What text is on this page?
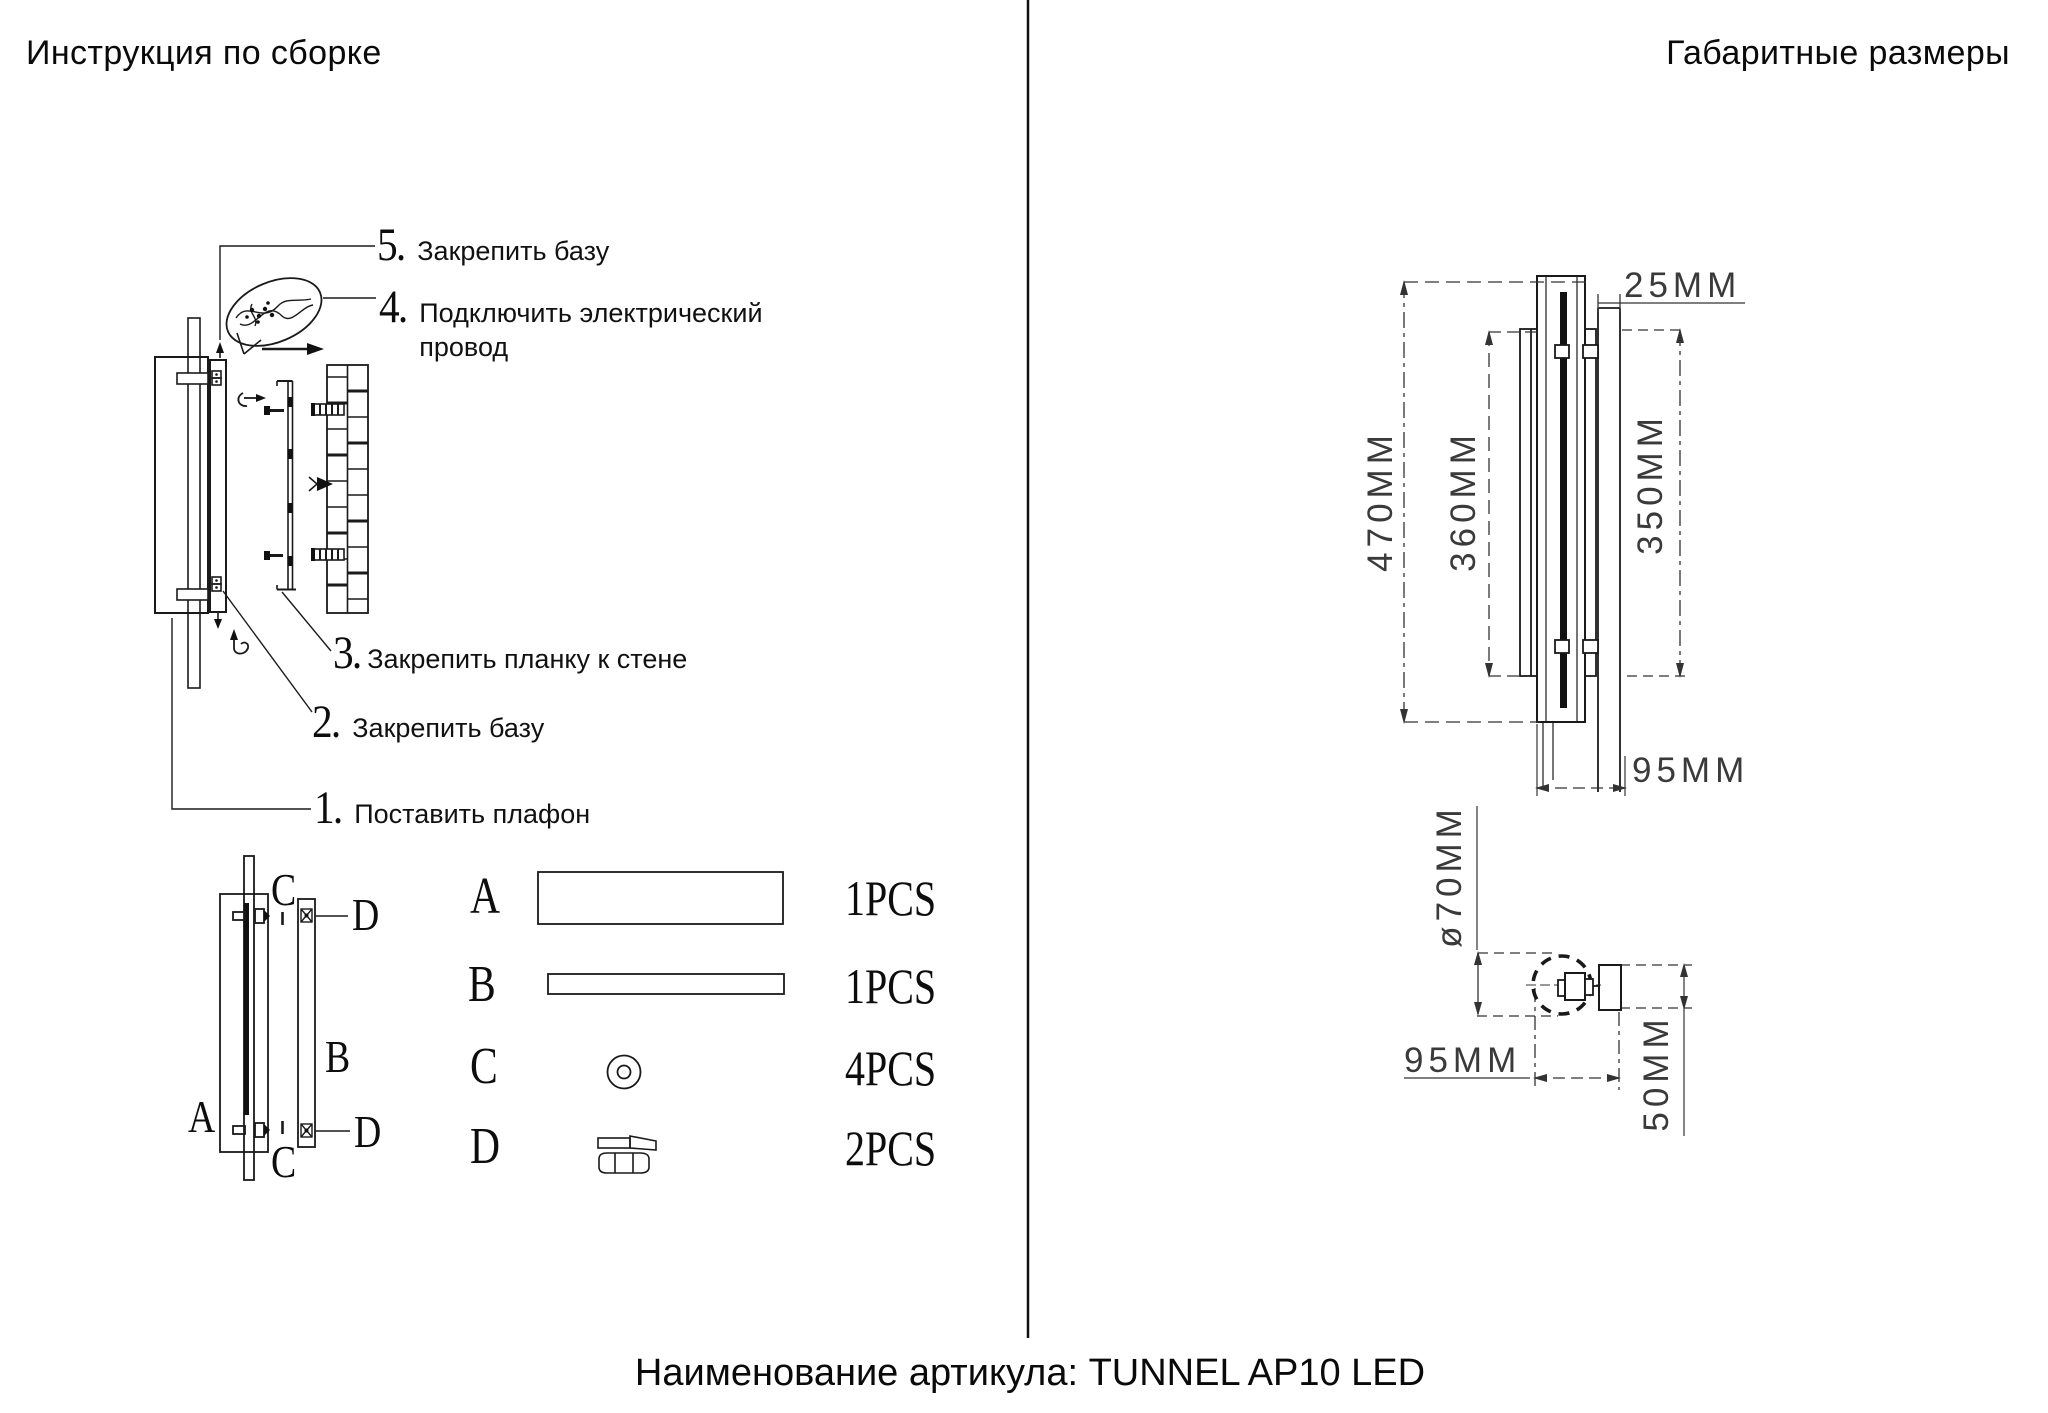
Инструкция по сборке	Габаритные размеры
470MM 360MM	350MM
25MM
95MM
ø70MM
95MM	50MM
5. Закрепить базу
4. Подключить электрический провод
3. Закрепить планку к стене
2. Закрепить базу
1. Поставить плафон
C D
B
A	D
C
A	1PCS
B	1PCS
C	4PCS
D	2PCS
Наименование артикула: TUNNEL AP10 LED
